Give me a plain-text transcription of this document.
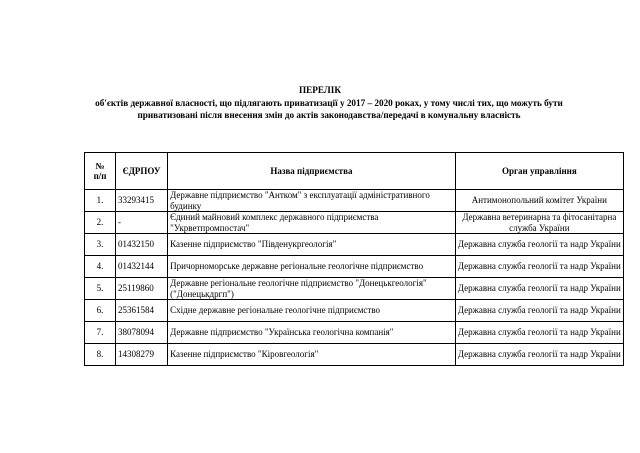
ПЕРЕЛІК
об'єктів державної власності, що підлягають приватизації у 2017 – 2020 роках, у тому числі тих, що можуть бути приватизовані після внесення змін до актів законодавства/передачі в комунальну власність
№
п/п	ЄДРПОУ	Назва підприємства	Орган управління
1.	33293415	Державне підприємство "Антком" з експлуатації адміністративного будинку	Антимонопольний комітет України
2.	-	Єдиний майновий комплекс державного підприємства "Укрветпромпостач"	Державна ветеринарна та фітосанітарна служба України
3.	01432150	Казенне підприємство "Південукргеологія"	Державна служба геології та надр України
4.	01432144	Причорноморське державне регіональне геологічне підприємство	Державна служба геології та надр України
5.	25119860	Державне регіональне геологічне підприємство "Донецькгеологія" ("Донецькдргп")	Державна служба геології та надр України
6.	25361584	Східне державне регіональне геологічне підприємство	Державна служба геології та надр України
7.	38078094	Державне підприємство "Українська геологічна компанія"	Державна служба геології та надр України
8.	14308279	Казенне підприємство "Кіровгеологія"	Державна служба геології та надр України
